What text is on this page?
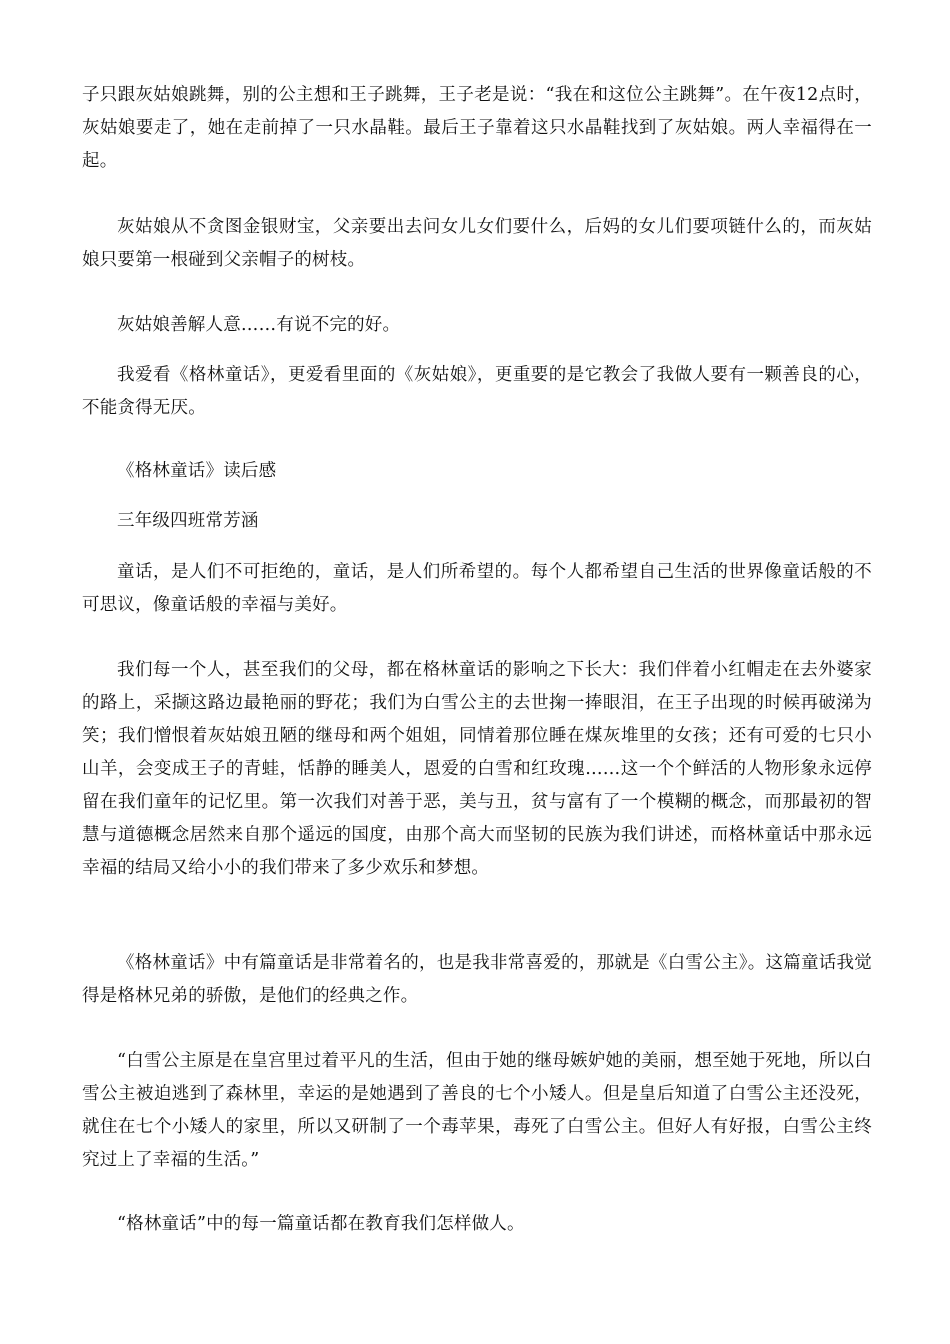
子只跟灰姑娘跳舞，别的公主想和王子跳舞，王子老是说：“我在和这位公主跳舞”。在午夜12点时，灰姑娘要走了，她在走前掉了一只水晶鞋。最后王子靠着这只水晶鞋找到了灰姑娘。两人幸福得在一起。

灰姑娘从不贪图金银财宝，父亲要出去问女儿女们要什么，后妈的女儿们要项链什么的，而灰姑娘只要第一根碰到父亲帽子的树枝。

灰姑娘善解人意……有说不完的好。

我爱看《格林童话》，更爱看里面的《灰姑娘》，更重要的是它教会了我做人要有一颗善良的心，不能贪得无厌。

《格林童话》读后感

三年级四班常芳涵

童话，是人们不可拒绝的，童话，是人们所希望的。每个人都希望自己生活的世界像童话般的不可思议，像童话般的幸福与美好。

我们每一个人，甚至我们的父母，都在格林童话的影响之下长大：我们伴着小红帽走在去外婆家的路上，采撷这路边最艳丽的野花；我们为白雪公主的去世掬一捧眼泪，在王子出现的时候再破涕为笑；我们憎恨着灰姑娘丑陋的继母和两个姐姐，同情着那位睡在煤灰堆里的女孩；还有可爱的七只小山羊，会变成王子的青蛙，恬静的睡美人，恩爱的白雪和红玫瑰……这一个个鲜活的人物形象永远停留在我们童年的记忆里。第一次我们对善于恶，美与丑，贫与富有了一个模糊的概念，而那最初的智慧与道德概念居然来自那个遥远的国度，由那个高大而坚韧的民族为我们讲述，而格林童话中那永远幸福的结局又给小小的我们带来了多少欢乐和梦想。

《格林童话》中有篇童话是非常着名的，也是我非常喜爱的，那就是《白雪公主》。这篇童话我觉得是格林兄弟的骄傲，是他们的经典之作。

“白雪公主原是在皇宫里过着平凡的生活，但由于她的继母嫉妒她的美丽，想至她于死地，所以白雪公主被迫逃到了森林里，幸运的是她遇到了善良的七个小矮人。但是皇后知道了白雪公主还没死，就住在七个小矮人的家里，所以又研制了一个毒苹果，毒死了白雪公主。但好人有好报，白雪公主终究过上了幸福的生活。”

“格林童话”中的每一篇童话都在教育我们怎样做人。
